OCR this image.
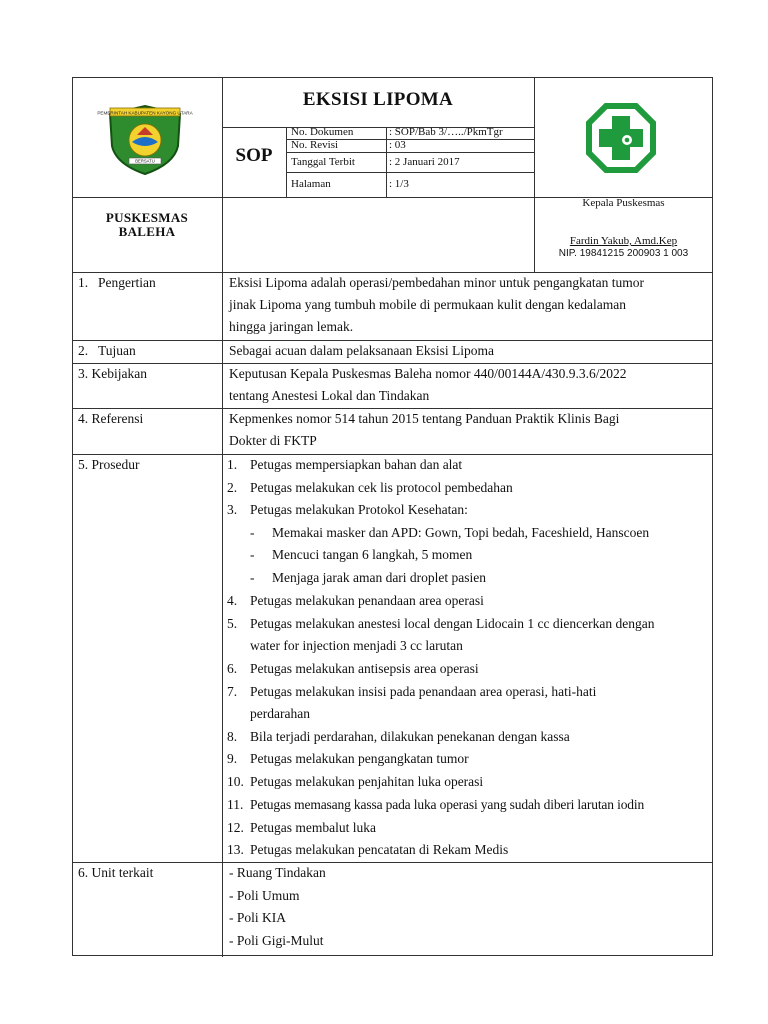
PEMERINTAH KABUPATEN KAYONG UTARA
BERSATU
EKSISI LIPOMA
SOP
No. Dokumen	: SOP/Bab 3/…../PkmTgr
No. Revisi	: 03
Tanggal Terbit	: 2 Januari 2017
Halaman	: 1/3
PUSKESMAS
BALEHA
Kepala Puskesmas
Fardin Yakub, Amd.Kep
NIP. 19841215 200903 1 003
1. Pengertian	Eksisi Lipoma adalah operasi/pembedahan minor untuk pengangkatan tumor
jinak Lipoma yang tumbuh mobile di permukaan kulit dengan kedalaman
hingga jaringan lemak.
2. Tujuan	Sebagai acuan dalam pelaksanaan Eksisi Lipoma
3. Kebijakan	Keputusan Kepala Puskesmas Baleha nomor 440/00144A/430.9.3.6/2022
tentang Anestesi Lokal dan Tindakan
4. Referensi	Kepmenkes nomor 514 tahun 2015 tentang Panduan Praktik Klinis Bagi
Dokter di FKTP
5. Prosedur	1. Petugas mempersiapkan bahan dan alat
2. Petugas melakukan cek lis protocol pembedahan
3. Petugas melakukan Protokol Kesehatan:
- Memakai masker dan APD: Gown, Topi bedah, Faceshield, Hanscoen
- Mencuci tangan 6 langkah, 5 momen
- Menjaga jarak aman dari droplet pasien
4. Petugas melakukan penandaan area operasi
5. Petugas melakukan anestesi local dengan Lidocain 1 cc diencerkan dengan
water for injection menjadi 3 cc larutan
6. Petugas melakukan antisepsis area operasi
7. Petugas melakukan insisi pada penandaan area operasi, hati-hati
perdarahan
8. Bila terjadi perdarahan, dilakukan penekanan dengan kassa
9. Petugas melakukan pengangkatan tumor
10. Petugas melakukan penjahitan luka operasi
11. Petugas memasang kassa pada luka operasi yang sudah diberi larutan iodin
12. Petugas membalut luka
13. Petugas melakukan pencatatan di Rekam Medis
6. Unit terkait	- Ruang Tindakan
- Poli Umum
- Poli KIA
- Poli Gigi-Mulut
